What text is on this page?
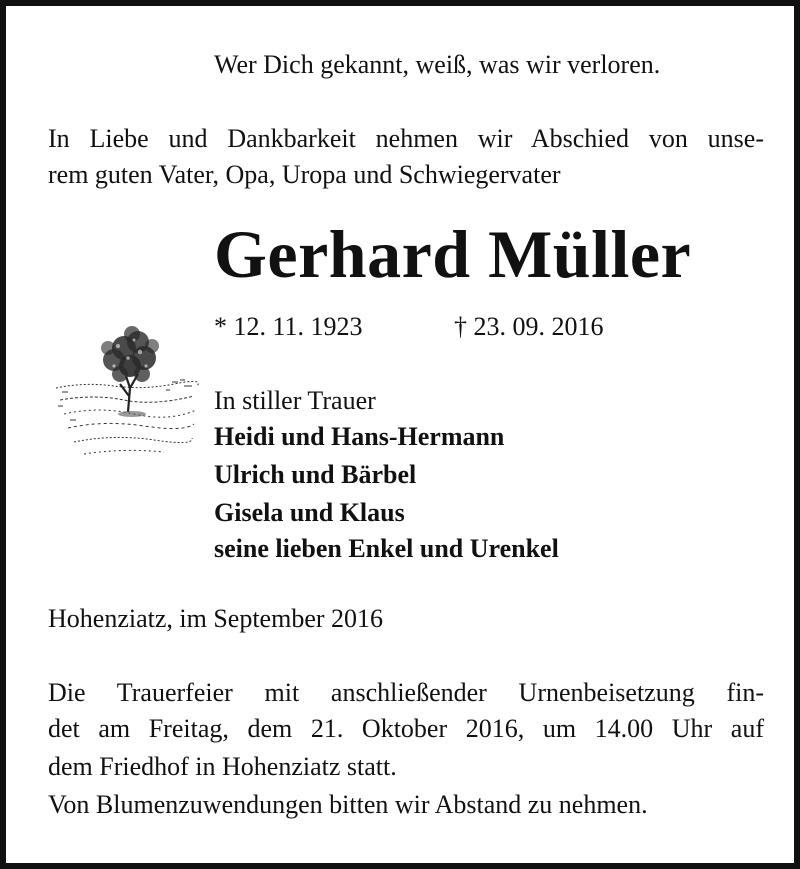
Wer Dich gekannt, weiß, was wir verloren.
In Liebe und Dankbarkeit nehmen wir Abschied von unse-
rem guten Vater, Opa, Uropa und Schwiegervater
Gerhard Müller
* 12. 11. 1923	† 23. 09. 2016
In stiller Trauer
Heidi und Hans-Hermann
Ulrich und Bärbel
Gisela und Klaus
seine lieben Enkel und Urenkel
Hohenziatz, im September 2016
Die Trauerfeier mit anschließender Urnenbeisetzung fin-
det am Freitag, dem 21. Oktober 2016, um 14.00 Uhr auf
dem Friedhof in Hohenziatz statt.
Von Blumenzuwendungen bitten wir Abstand zu nehmen.
